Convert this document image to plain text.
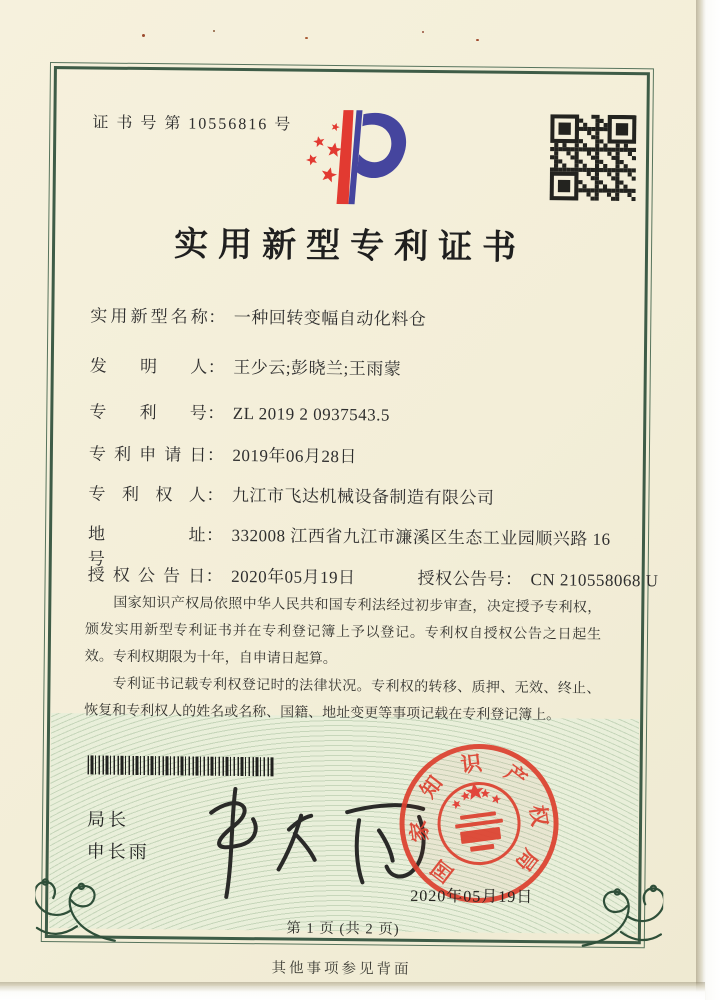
证 书 号 第 10556816 号
实用新型专利证书
实用新型名称： 一种回转变幅自动化料仓
发明人： 王少云;彭晓兰;王雨蒙
专利号： ZL 2019 2 0937543.5
专利申请日： 2019年06月28日
专利权人： 九江市飞达机械设备制造有限公司
地址： 332008 江西省九江市濂溪区生态工业园顺兴路 16 号
授权公告日： 2020年05月19日	授权公告号： CN 210558068 U

国家知识产权局依照中华人民共和国专利法经过初步审查，决定授予专利权，颁发实用新型专利证书并在专利登记簿上予以登记。专利权自授权公告之日起生效。专利权期限为十年，自申请日起算。

专利证书记载专利权登记时的法律状况。专利权的转移、质押、无效、终止、恢复和专利权人的姓名或名称、国籍、地址变更等事项记载在专利登记簿上。

局长
申长雨
国
家
知
识 产
权
局
2020年05月19日
第 1 页 (共 2 页)
其他事项参见背面
